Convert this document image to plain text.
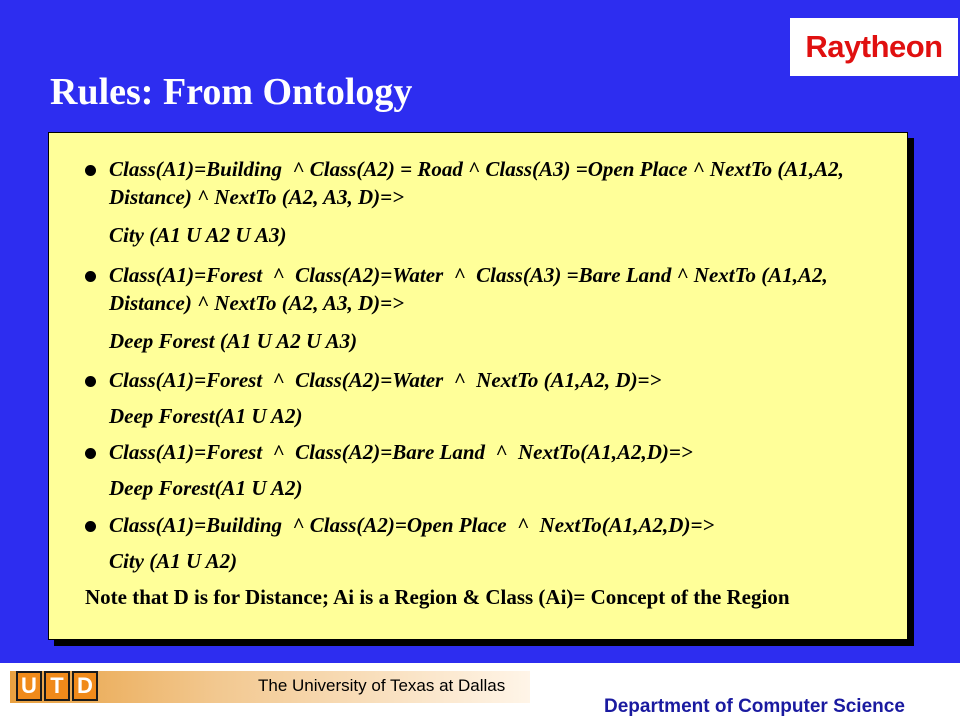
Raytheon
Rules: From Ontology
Class(A1)=Building  ^ Class(A2) = Road ^ Class(A3) =Open Place ^ NextTo (A1,A2, Distance) ^ NextTo (A2, A3, D)=>
City (A1 U A2 U A3)
Class(A1)=Forest  ^  Class(A2)=Water  ^  Class(A3) =Bare Land ^ NextTo (A1,A2, Distance) ^ NextTo (A2, A3, D)=>
Deep Forest (A1 U A2 U A3)
Class(A1)=Forest  ^  Class(A2)=Water  ^  NextTo (A1,A2, D)=>
Deep Forest(A1 U A2)
Class(A1)=Forest  ^  Class(A2)=Bare Land  ^  NextTo(A1,A2,D)=>
Deep Forest(A1 U A2)
Class(A1)=Building  ^ Class(A2)=Open Place  ^  NextTo(A1,A2,D)=>
City (A1 U A2)
Note that D is for Distance; Ai is a Region & Class (Ai)= Concept of the Region
U T D	The University of Texas at Dallas
Department of Computer Science
